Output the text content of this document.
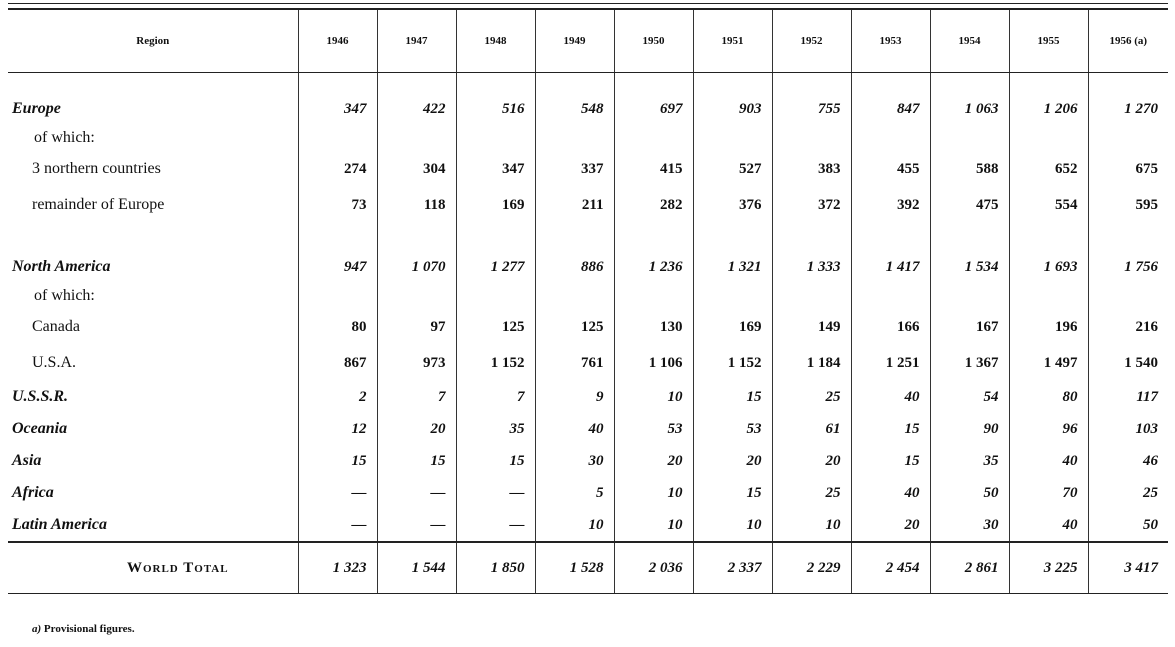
Region	1946	1947	1948	1949	1950	1951	1952	1953	1954	1955	1956 (a)

Europe	347	422	516	548	697	903	755	847	1 063	1 206	1 270
of which:											
3 northern countries	274	304	347	337	415	527	383	455	588	652	675
remainder of Europe	73	118	169	211	282	376	372	392	475	554	595

North America	947	1 070	1 277	886	1 236	1 321	1 333	1 417	1 534	1 693	1 756
of which:											
Canada	80	97	125	125	130	169	149	166	167	196	216
U.S.A.	867	973	1 152	761	1 106	1 152	1 184	1 251	1 367	1 497	1 540
U.S.S.R.	2	7	7	9	10	15	25	40	54	80	117
Oceania	12	20	35	40	53	53	61	15	90	96	103
Asia	15	15	15	30	20	20	20	15	35	40	46
Africa	—	—	—	5	10	15	25	40	50	70	25
Latin America	—	—	—	10	10	10	10	20	30	40	50
World Total	1 323	1 544	1 850	1 528	2 036	2 337	2 229	2 454	2 861	3 225	3 417
a) Provisional figures.
